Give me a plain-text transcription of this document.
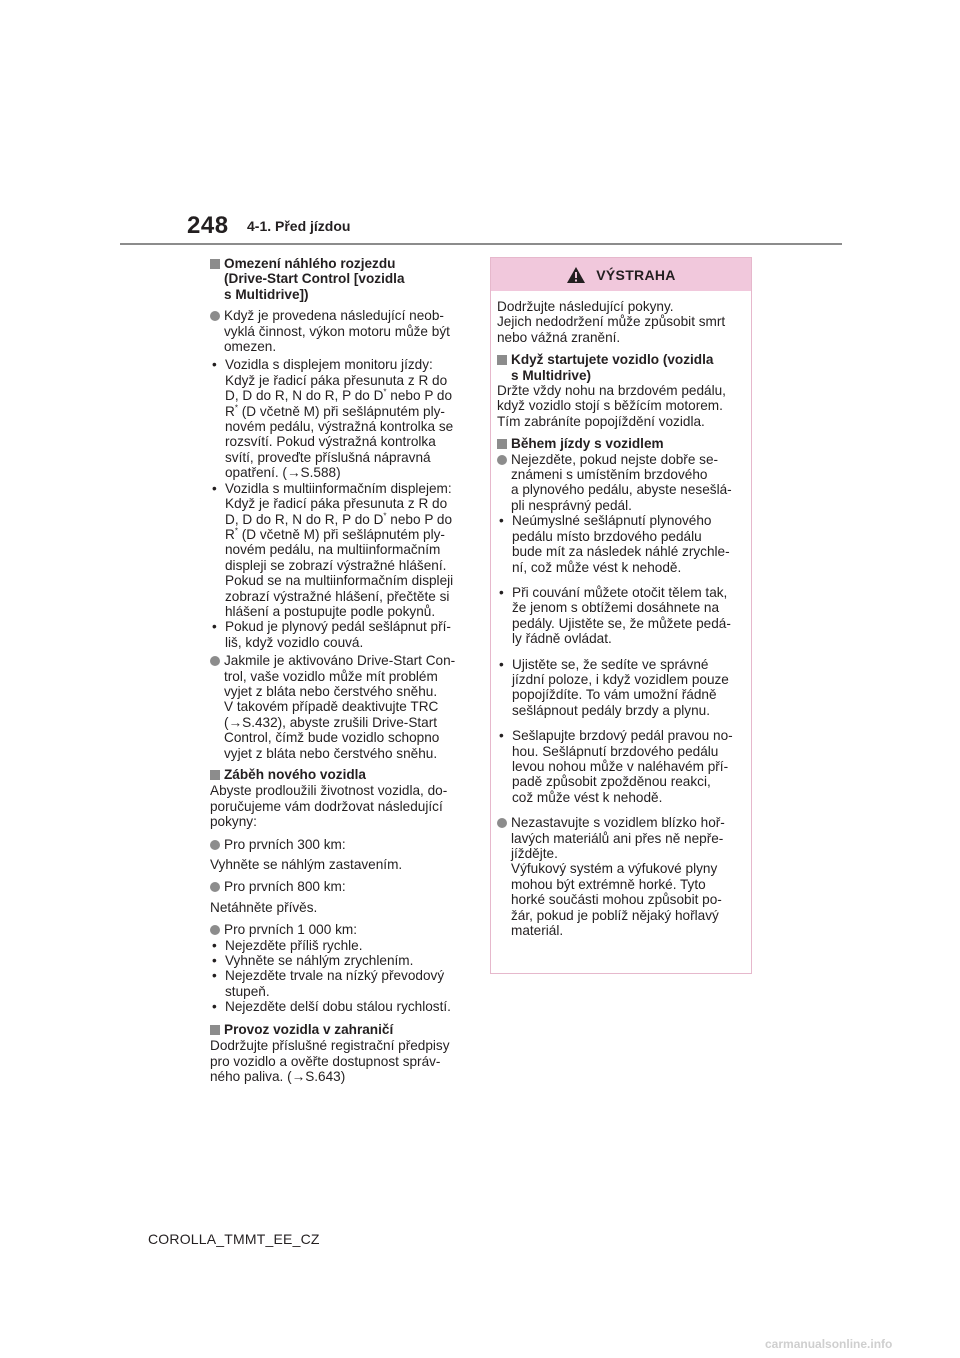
248 4-1. Před jízdou
Omezení náhlého rozjezdu
(Drive-Start Control [vozidla
s Multidrive])
Když je provedena následující neob-
vyklá činnost, výkon motoru může být
omezen.
• Vozidla s displejem monitoru jízdy:
Když je řadicí páka přesunuta z R do
D, D do R, N do R, P do D* nebo P do
R* (D včetně M) při sešlápnutém ply-
novém pedálu, výstražná kontrolka se
rozsvítí. Pokud výstražná kontrolka
svítí, proveďte příslušná nápravná
opatření. (→S.588)
• Vozidla s multiinformačním displejem:
Když je řadicí páka přesunuta z R do
D, D do R, N do R, P do D* nebo P do
R* (D včetně M) při sešlápnutém ply-
novém pedálu, na multiinformačním
displeji se zobrazí výstražné hlášení.
Pokud se na multiinformačním displeji
zobrazí výstražné hlášení, přečtěte si
hlášení a postupujte podle pokynů.
• Pokud je plynový pedál sešlápnut pří-
liš, když vozidlo couvá.
Jakmile je aktivováno Drive-Start Con-
trol, vaše vozidlo může mít problém
vyjet z bláta nebo čerstvého sněhu.
V takovém případě deaktivujte TRC
(→S.432), abyste zrušili Drive-Start
Control, čímž bude vozidlo schopno
vyjet z bláta nebo čerstvého sněhu.
Záběh nového vozidla
Abyste prodloužili životnost vozidla, do-
poručujeme vám dodržovat následující
pokyny:
Pro prvních 300 km:
Vyhněte se náhlým zastavením.
Pro prvních 800 km:
Netáhněte přívěs.
Pro prvních 1 000 km:
• Nejezděte příliš rychle.
• Vyhněte se náhlým zrychlením.
• Nejezděte trvale na nízký převodový
stupeň.
• Nejezděte delší dobu stálou rychlostí.
Provoz vozidla v zahraničí
Dodržujte příslušné registrační předpisy
pro vozidlo a ověřte dostupnost správ-
ného paliva. (→S.643)
VÝSTRAHA
Dodržujte následující pokyny.
Jejich nedodržení může způsobit smrt
nebo vážná zranění.
Když startujete vozidlo (vozidla
s Multidrive)
Držte vždy nohu na brzdovém pedálu,
když vozidlo stojí s běžícím motorem.
Tím zabráníte popojíždění vozidla.
Během jízdy s vozidlem
Nejezděte, pokud nejste dobře se-
známeni s umístěním brzdového
a plynového pedálu, abyste nesešlá-
pli nesprávný pedál.
• Neúmyslné sešlápnutí plynového
pedálu místo brzdového pedálu
bude mít za následek náhlé zrychle-
ní, což může vést k nehodě.
• Při couvání můžete otočit tělem tak,
že jenom s obtížemi dosáhnete na
pedály. Ujistěte se, že můžete pedá-
ly řádně ovládat.
• Ujistěte se, že sedíte ve správné
jízdní poloze, i když vozidlem pouze
popojíždíte. To vám umožní řádně
sešlápnout pedály brzdy a plynu.
• Sešlapujte brzdový pedál pravou no-
hou. Sešlápnutí brzdového pedálu
levou nohou může v naléhavém pří-
padě způsobit zpožděnou reakci,
což může vést k nehodě.
Nezastavujte s vozidlem blízko hoř-
lavých materiálů ani přes ně nepře-
jíždějte.
Výfukový systém a výfukové plyny
mohou být extrémně horké. Tyto
horké součásti mohou způsobit po-
žár, pokud je poblíž nějaký hořlavý
materiál.
COROLLA_TMMT_EE_CZ
carmanualsonline.info
